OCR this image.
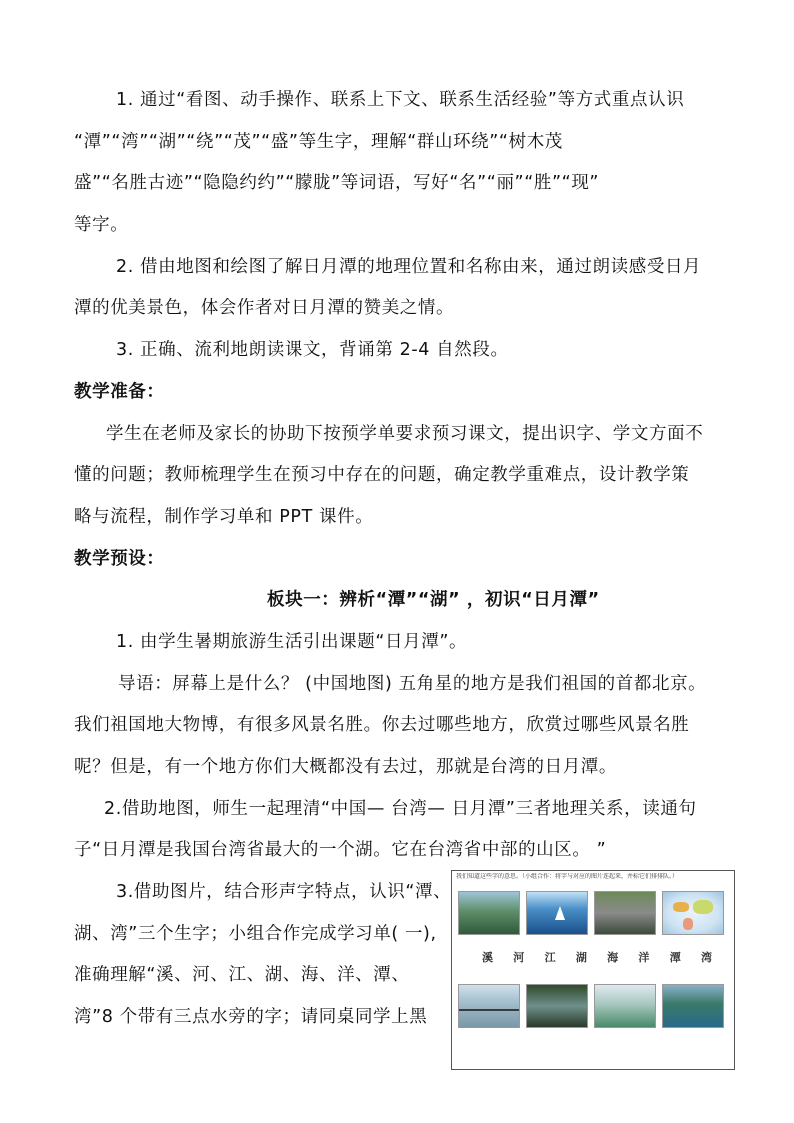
1. 通过“看图、动手操作、联系上下文、联系生活经验”等方式重点认识
“潭”“湾”“湖”“绕”“茂”“盛”等生字，理解“群山环绕”“树木茂
盛”“名胜古迹”“隐隐约约”“朦胧”等词语，写好“名”“丽”“胜”“现”
等字。
2. 借由地图和绘图了解日月潭的地理位置和名称由来，通过朗读感受日月
潭的优美景色，体会作者对日月潭的赞美之情。
3. 正确、流利地朗读课文，背诵第 2-4 自然段。
教学准备：
学生在老师及家长的协助下按预学单要求预习课文，提出识字、学文方面不
懂的问题；教师梳理学生在预习中存在的问题，确定教学重难点，设计教学策
略与流程，制作学习单和 PPT 课件。
教学预设：
板块一：辨析“潭”“湖” ，初识“日月潭”
1. 由学生暑期旅游生活引出课题“日月潭”。
导语：屏幕上是什么？ (中国地图) 五角星的地方是我们祖国的首都北京。
我们祖国地大物博，有很多风景名胜。你去过哪些地方，欣赏过哪些风景名胜
呢？但是，有一个地方你们大概都没有去过，那就是台湾的日月潭。
2.借助地图，师生一起理清“中国— 台湾— 日月潭”三者地理关系，读通句
子“日月潭是我国台湾省最大的一个湖。它在台湾省中部的山区。 ”
3.借助图片，结合形声字特点，认识“潭、
湖、湾”三个生字；小组合作完成学习单( 一),
准确理解“溪、河、江、湖、海、洋、潭、
湾”8 个带有三点水旁的字；请同桌同学上黑
我们知道这些字的意思。（小组合作：将字与对应的图片连起来，并标它们排排队。）
溪 河 江 湖 海 洋 潭 湾
